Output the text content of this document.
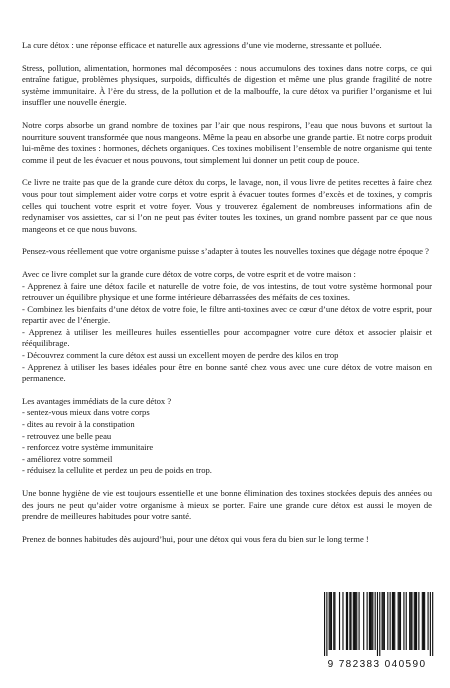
La cure détox : une réponse efficace et naturelle aux agressions d’une vie moderne, stressante et polluée.

Stress, pollution, alimentation, hormones mal décomposées : nous accumulons des toxines dans notre corps, ce qui entraîne fatigue, problèmes physiques, surpoids, difficultés de digestion et même une plus grande fragilité de notre système immunitaire. À l’ère du stress, de la pollution et de la malbouffe, la cure détox va purifier l’organisme et lui insuffler une nouvelle énergie.

Notre corps absorbe un grand nombre de toxines par l’air que nous respirons, l’eau que nous buvons et surtout la nourriture souvent transformée que nous mangeons. Même la peau en absorbe une grande partie. Et notre corps produit lui-même des toxines : hormones, déchets organiques. Ces toxines mobilisent l’ensemble de notre organisme qui tente comme il peut de les évacuer et nous pouvons, tout simplement lui donner un petit coup de pouce.

Ce livre ne traite pas que de la grande cure détox du corps, le lavage, non, il vous livre de petites recettes à faire chez vous pour tout simplement aider votre corps et votre esprit à évacuer toutes formes d’excès et de toxines, y compris celles qui touchent votre esprit et votre foyer. Vous y trouverez également de nombreuses informations afin de redynamiser vos assiettes, car si l’on ne peut pas éviter toutes les toxines, un grand nombre passent par ce que nous mangeons et ce que nous buvons.

Pensez-vous réellement que votre organisme puisse s’adapter à toutes les nouvelles toxines que dégage notre époque ?

Avec ce livre complet sur la grande cure détox de votre corps, de votre esprit et de votre maison :

- Apprenez à faire une détox facile et naturelle de votre foie, de vos intestins, de tout votre système hormonal pour retrouver un équilibre physique et une forme intérieure débarrassées des méfaits de ces toxines.

- Combinez les bienfaits d’une détox de votre foie, le filtre anti-toxines avec ce cœur d’une détox de votre esprit, pour repartir avec de l’énergie.

- Apprenez à utiliser les meilleures huiles essentielles pour accompagner votre cure détox et associer plaisir et rééquilibrage.

- Découvrez comment la cure détox est aussi un excellent moyen de perdre des kilos en trop

- Apprenez à utiliser les bases idéales pour être en bonne santé chez vous avec une cure détox de votre maison en permanence.

Les avantages immédiats de la cure détox ?

- sentez-vous mieux dans votre corps

- dites au revoir à la constipation

- retrouvez une belle peau

- renforcez votre système immunitaire

- améliorez votre sommeil

- réduisez la cellulite et perdez un peu de poids en trop.

Une bonne hygiène de vie est toujours essentielle et une bonne élimination des toxines stockées depuis des années ou des jours ne peut qu’aider votre organisme à mieux se porter. Faire une grande cure détox est aussi le moyen de prendre de meilleures habitudes pour votre santé.

Prenez de bonnes habitudes dès aujourd’hui, pour une détox qui vous fera du bien sur le long terme !

9 782383 040590
